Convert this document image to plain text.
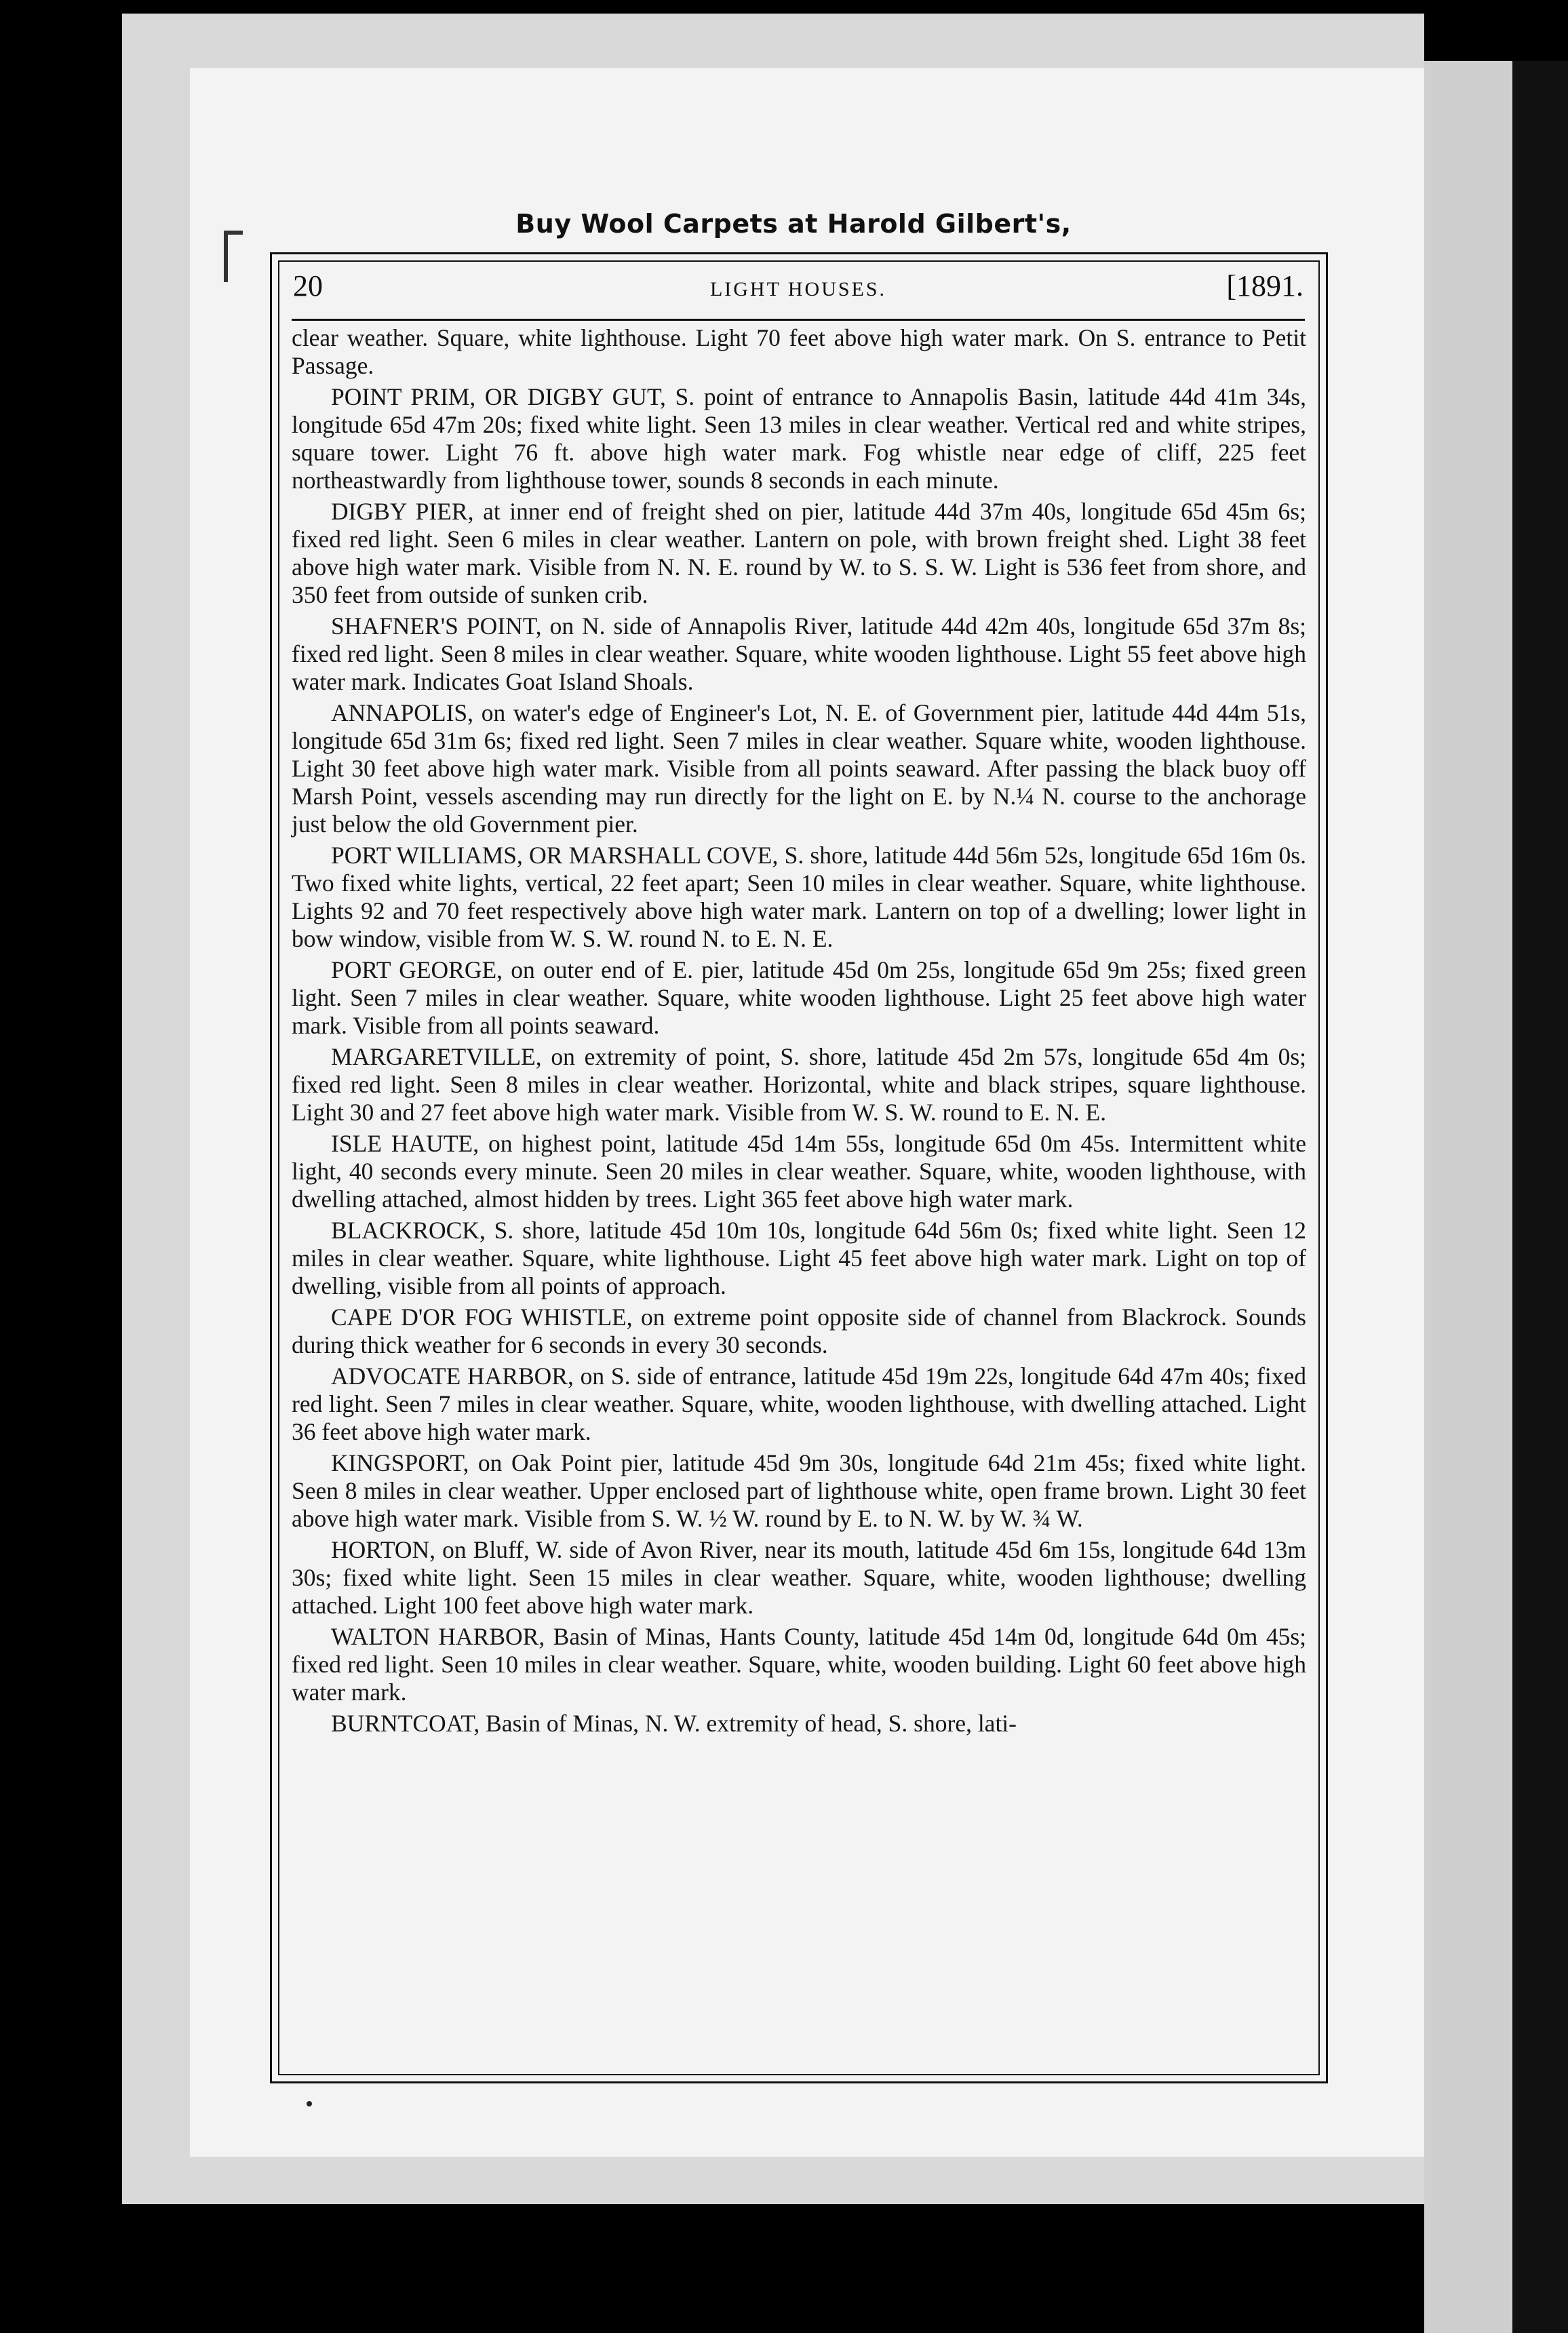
Buy Wool Carpets at Harold Gilbert's,
20	LIGHT HOUSES.	[1891.

clear weather. Square, white lighthouse. Light 70 feet above high water mark. On S. entrance to Petit Passage.

POINT PRIM, OR DIGBY GUT, S. point of entrance to Annapolis Basin, latitude 44d 41m 34s, longitude 65d 47m 20s; fixed white light. Seen 13 miles in clear weather. Vertical red and white stripes, square tower. Light 76 ft. above high water mark. Fog whistle near edge of cliff, 225 feet northeastwardly from lighthouse tower, sounds 8 seconds in each minute.

DIGBY PIER, at inner end of freight shed on pier, latitude 44d 37m 40s, longitude 65d 45m 6s; fixed red light. Seen 6 miles in clear weather. Lantern on pole, with brown freight shed. Light 38 feet above high water mark. Visible from N. N. E. round by W. to S. S. W. Light is 536 feet from shore, and 350 feet from outside of sunken crib.

SHAFNER'S POINT, on N. side of Annapolis River, latitude 44d 42m 40s, longitude 65d 37m 8s; fixed red light. Seen 8 miles in clear weather. Square, white wooden lighthouse. Light 55 feet above high water mark. Indicates Goat Island Shoals.

ANNAPOLIS, on water's edge of Engineer's Lot, N. E. of Government pier, latitude 44d 44m 51s, longitude 65d 31m 6s; fixed red light. Seen 7 miles in clear weather. Square white, wooden lighthouse. Light 30 feet above high water mark. Visible from all points seaward. After passing the black buoy off Marsh Point, vessels ascending may run directly for the light on E. by N.¼ N. course to the anchorage just below the old Government pier.

PORT WILLIAMS, OR MARSHALL COVE, S. shore, latitude 44d 56m 52s, longitude 65d 16m 0s. Two fixed white lights, vertical, 22 feet apart; Seen 10 miles in clear weather. Square, white lighthouse. Lights 92 and 70 feet respectively above high water mark. Lantern on top of a dwelling; lower light in bow window, visible from W. S. W. round N. to E. N. E.

PORT GEORGE, on outer end of E. pier, latitude 45d 0m 25s, longitude 65d 9m 25s; fixed green light. Seen 7 miles in clear weather. Square, white wooden lighthouse. Light 25 feet above high water mark. Visible from all points seaward.

MARGARETVILLE, on extremity of point, S. shore, latitude 45d 2m 57s, longitude 65d 4m 0s; fixed red light. Seen 8 miles in clear weather. Horizontal, white and black stripes, square lighthouse. Light 30 and 27 feet above high water mark. Visible from W. S. W. round to E. N. E.

ISLE HAUTE, on highest point, latitude 45d 14m 55s, longitude 65d 0m 45s. Intermittent white light, 40 seconds every minute. Seen 20 miles in clear weather. Square, white, wooden lighthouse, with dwelling attached, almost hidden by trees. Light 365 feet above high water mark.

BLACKROCK, S. shore, latitude 45d 10m 10s, longitude 64d 56m 0s; fixed white light. Seen 12 miles in clear weather. Square, white lighthouse. Light 45 feet above high water mark. Light on top of dwelling, visible from all points of approach.

CAPE D'OR FOG WHISTLE, on extreme point opposite side of channel from Blackrock. Sounds during thick weather for 6 seconds in every 30 seconds.

ADVOCATE HARBOR, on S. side of entrance, latitude 45d 19m 22s, longitude 64d 47m 40s; fixed red light. Seen 7 miles in clear weather. Square, white, wooden lighthouse, with dwelling attached. Light 36 feet above high water mark.

KINGSPORT, on Oak Point pier, latitude 45d 9m 30s, longitude 64d 21m 45s; fixed white light. Seen 8 miles in clear weather. Upper enclosed part of lighthouse white, open frame brown. Light 30 feet above high water mark. Visible from S. W. ½ W. round by E. to N. W. by W. ¾ W.

HORTON, on Bluff, W. side of Avon River, near its mouth, latitude 45d 6m 15s, longitude 64d 13m 30s; fixed white light. Seen 15 miles in clear weather. Square, white, wooden lighthouse; dwelling attached. Light 100 feet above high water mark.

WALTON HARBOR, Basin of Minas, Hants County, latitude 45d 14m 0d, longitude 64d 0m 45s; fixed red light. Seen 10 miles in clear weather. Square, white, wooden building. Light 60 feet above high water mark.

BURNTCOAT, Basin of Minas, N. W. extremity of head, S. shore, lati-
